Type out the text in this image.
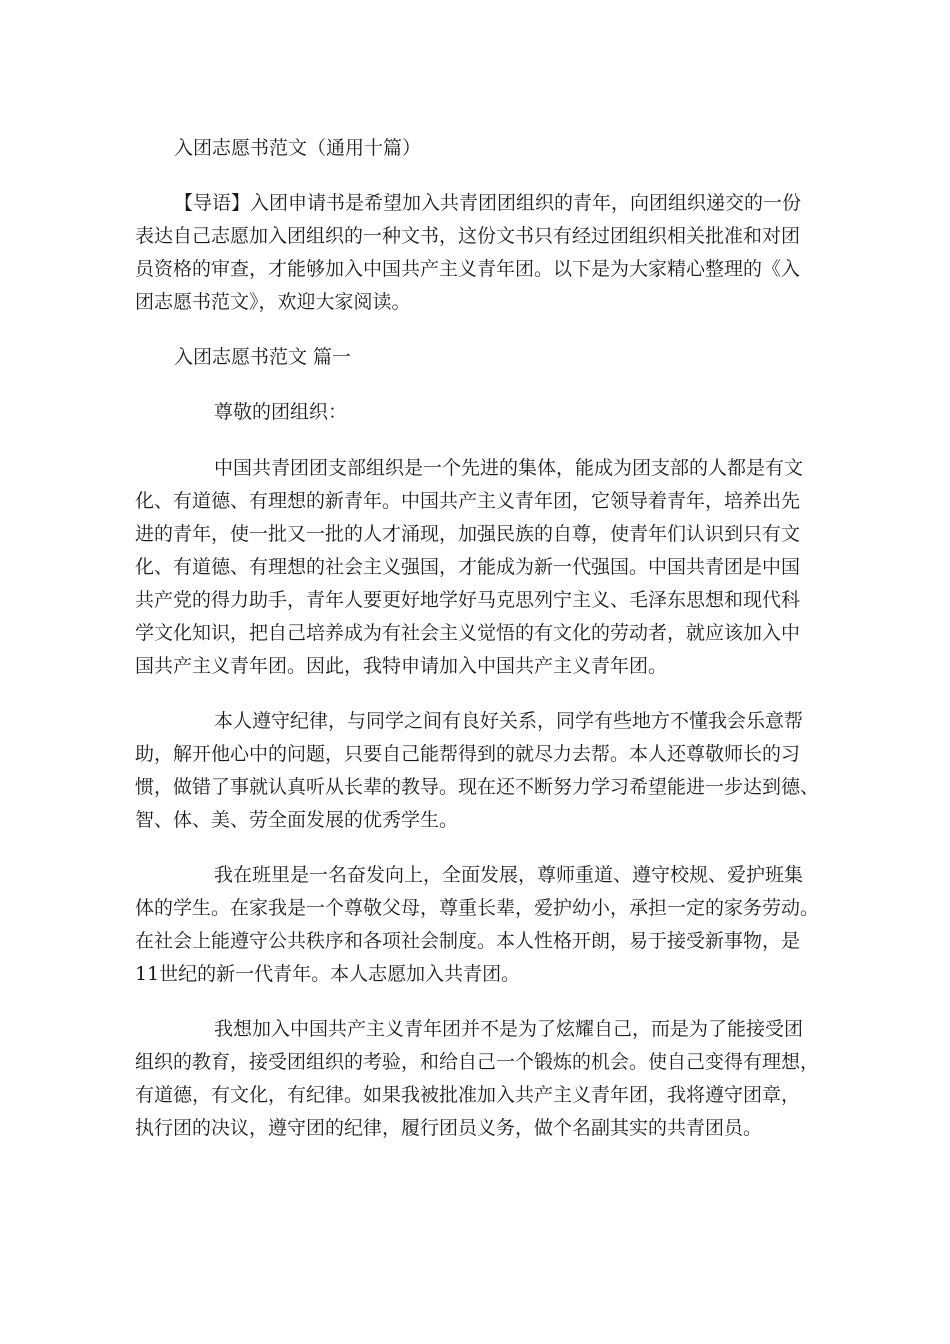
入团志愿书范文（通用十篇）
【导语】入团申请书是希望加入共青团团组织的青年，向团组织递交的一份
表达自己志愿加入团组织的一种文书，这份文书只有经过团组织相关批准和对团
员资格的审查，才能够加入中国共产主义青年团。以下是为大家精心整理的《入
团志愿书范文》，欢迎大家阅读。
入团志愿书范文 篇一
尊敬的团组织：
中国共青团团支部组织是一个先进的集体，能成为团支部的人都是有文
化、有道德、有理想的新青年。中国共产主义青年团，它领导着青年，培养出先
进的青年，使一批又一批的人才涌现，加强民族的自尊，使青年们认识到只有文
化、有道德、有理想的社会主义强国，才能成为新一代强国。中国共青团是中国
共产党的得力助手，青年人要更好地学好马克思列宁主义、毛泽东思想和现代科
学文化知识，把自己培养成为有社会主义觉悟的有文化的劳动者，就应该加入中
国共产主义青年团。因此，我特申请加入中国共产主义青年团。
本人遵守纪律，与同学之间有良好关系，同学有些地方不懂我会乐意帮
助，解开他心中的问题，只要自己能帮得到的就尽力去帮。本人还尊敬师长的习
惯，做错了事就认真听从长辈的教导。现在还不断努力学习希望能进一步达到德、
智、体、美、劳全面发展的优秀学生。
我在班里是一名奋发向上，全面发展，尊师重道、遵守校规、爱护班集
体的学生。在家我是一个尊敬父母，尊重长辈，爱护幼小，承担一定的家务劳动。
在社会上能遵守公共秩序和各项社会制度。本人性格开朗，易于接受新事物，是
11世纪的新一代青年。本人志愿加入共青团。
我想加入中国共产主义青年团并不是为了炫耀自己，而是为了能接受团
组织的教育，接受团组织的考验，和给自己一个锻炼的机会。使自己变得有理想，
有道德，有文化，有纪律。如果我被批准加入共产主义青年团，我将遵守团章，
执行团的决议，遵守团的纪律，履行团员义务，做个名副其实的共青团员。
